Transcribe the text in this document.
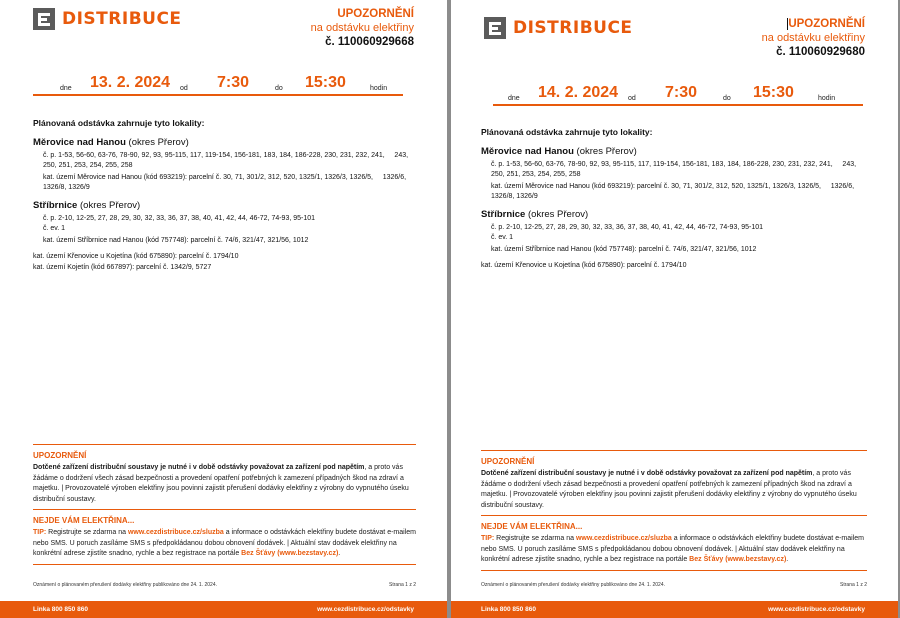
DISTRIBUCE	UPOZORNĚNÍ
na odstávku elektřiny
č. 110060929668
dne 13. 2. 2024 od 7:30	do 15:30	hodin
Plánovaná odstávka zahrnuje tyto lokality:
Měrovice nad Hanou (okres Přerov)
č. p. 1-53, 56-60, 63-76, 78-90, 92, 93, 95-115, 117, 119-154, 156-181, 183, 184, 186-228, 230, 231, 232, 241,     243, 250, 251, 253, 254, 255, 258
kat. území Měrovice nad Hanou (kód 693219): parcelní č. 30, 71, 301/2, 312, 520, 1325/1, 1326/3, 1326/5,     1326/6, 1326/8, 1326/9
Stříbrnice (okres Přerov)
č. p. 2-10, 12-25, 27, 28, 29, 30, 32, 33, 36, 37, 38, 40, 41, 42, 44, 46-72, 74-93, 95-101
č. ev. 1
kat. území Stříbrnice nad Hanou (kód 757748): parcelní č. 74/6, 321/47, 321/56, 1012
kat. území Křenovice u Kojetína (kód 675890): parcelní č. 1794/10
kat. území Kojetín (kód 667897): parcelní č. 1342/9, 5727
UPOZORNĚNÍ
Dotčené zařízení distribuční soustavy je nutné i v době odstávky považovat za zařízení pod napětím, a proto vás žádáme o dodržení všech zásad bezpečnosti a provedení opatření potřebných k zamezení případných škod na zdraví a majetku. | Provozovatelé výroben elektřiny jsou povinni zajistit přerušení dodávky elektřiny z výrobny do vypnutého úseku distribuční soustavy.
NEJDE VÁM ELEKTŘINA...
TIP: Registrujte se zdarma na www.cezdistribuce.cz/sluzba a informace o odstávkách elektřiny budete dostávat e-mailem nebo SMS. U poruch zasíláme SMS s předpokládanou dobou obnovení dodávek. | Aktuální stav dodávek elektřiny na konkrétní adrese zjistíte snadno, rychle a bez registrace na portále Bez Šťávy (www.bezstavy.cz).
Oznámení o plánovaném přerušení dodávky elektřiny publikováno dne 24. 1. 2024.	Strana 1 z 2
Linka 800 850 860	www.cezdistribuce.cz/odstavky
DISTRIBUCE	UPOZORNĚNÍ
na odstávku elektřiny
č. 110060929680
dne 14. 2. 2024 od 7:30	do 15:30	hodin
Plánovaná odstávka zahrnuje tyto lokality:
Měrovice nad Hanou (okres Přerov)
č. p. 1-53, 56-60, 63-76, 78-90, 92, 93, 95-115, 117, 119-154, 156-181, 183, 184, 186-228, 230, 231, 232, 241,     243, 250, 251, 253, 254, 255, 258
kat. území Měrovice nad Hanou (kód 693219): parcelní č. 30, 71, 301/2, 312, 520, 1325/1, 1326/3, 1326/5,     1326/6, 1326/8, 1326/9
Stříbrnice (okres Přerov)
č. p. 2-10, 12-25, 27, 28, 29, 30, 32, 33, 36, 37, 38, 40, 41, 42, 44, 46-72, 74-93, 95-101
č. ev. 1
kat. území Stříbrnice nad Hanou (kód 757748): parcelní č. 74/6, 321/47, 321/56, 1012
kat. území Křenovice u Kojetína (kód 675890): parcelní č. 1794/10
UPOZORNĚNÍ
Dotčené zařízení distribuční soustavy je nutné i v době odstávky považovat za zařízení pod napětím, a proto vás žádáme o dodržení všech zásad bezpečnosti a provedení opatření potřebných k zamezení případných škod na zdraví a majetku. | Provozovatelé výroben elektřiny jsou povinni zajistit přerušení dodávky elektřiny z výrobny do vypnutého úseku distribuční soustavy.
NEJDE VÁM ELEKTŘINA...
TIP: Registrujte se zdarma na www.cezdistribuce.cz/sluzba a informace o odstávkách elektřiny budete dostávat e-mailem nebo SMS. U poruch zasíláme SMS s předpokládanou dobou obnovení dodávek. | Aktuální stav dodávek elektřiny na konkrétní adrese zjistíte snadno, rychle a bez registrace na portále Bez Šťávy (www.bezstavy.cz).
Oznámení o plánovaném přerušení dodávky elektřiny publikováno dne 24. 1. 2024.	Strana 1 z 2
Linka 800 850 860	www.cezdistribuce.cz/odstavky
